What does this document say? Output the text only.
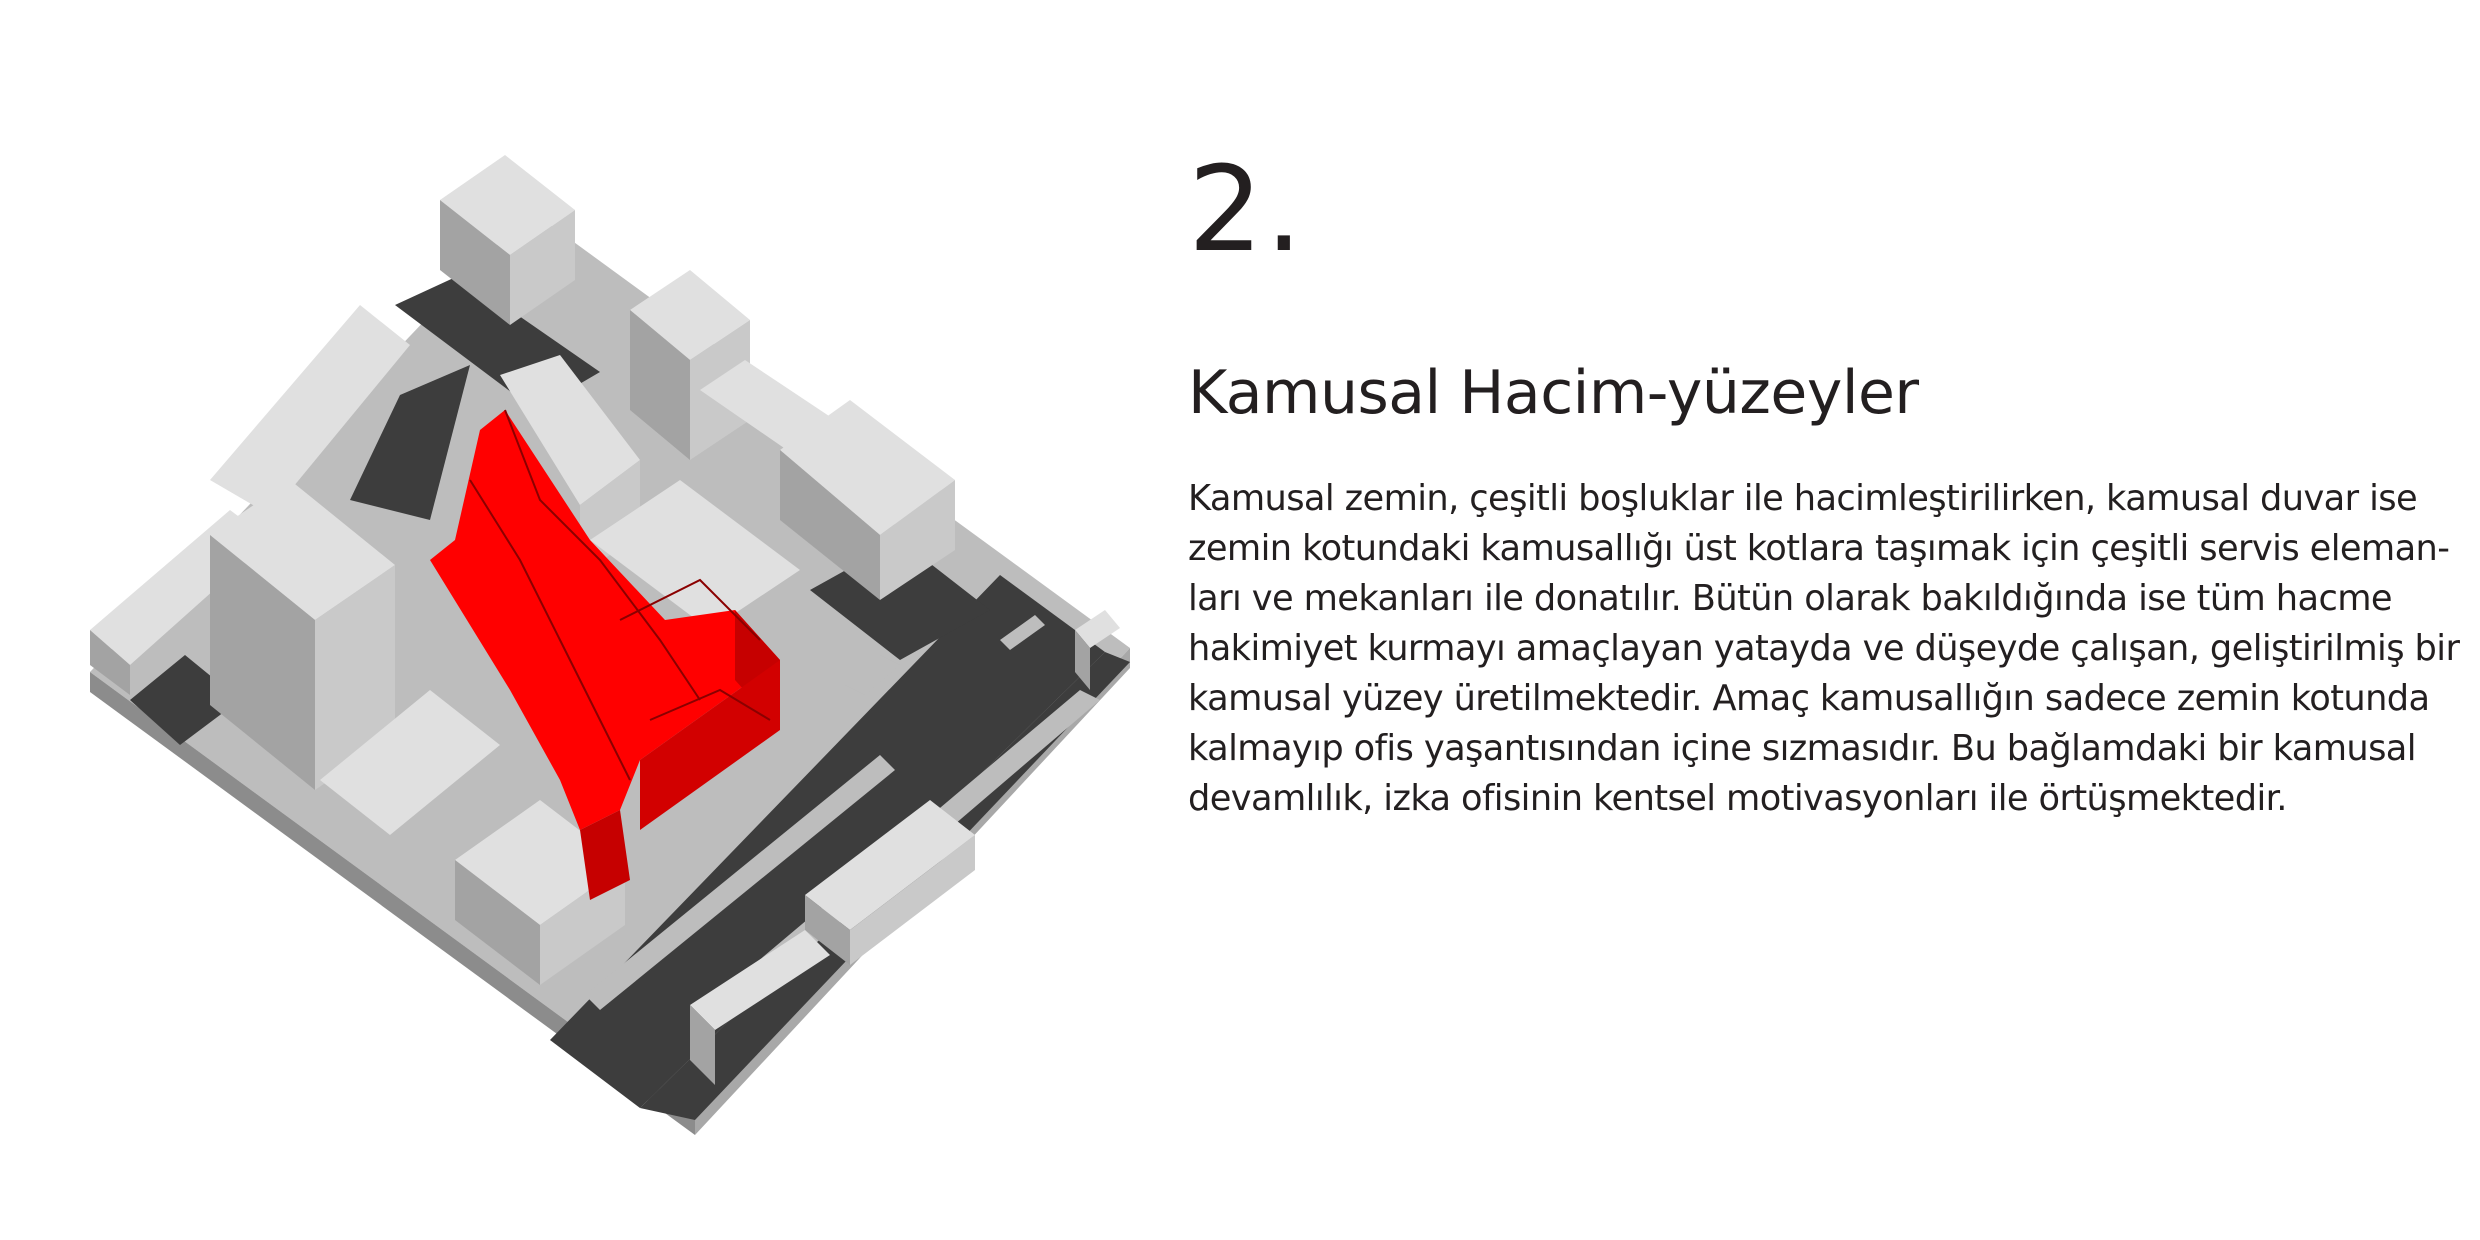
2.
Kamusal Hacim-yüzeyler

Kamusal zemin, çeşitli boşluklar ile hacimleştirilirken, kamusal duvar ise
zemin kotundaki kamusallığı üst kotlara taşımak için çeşitli servis eleman-
ları ve mekanları ile donatılır. Bütün olarak bakıldığında ise tüm hacme
hakimiyet kurmayı amaçlayan yatayda ve düşeyde çalışan, geliştirilmiş bir
kamusal yüzey üretilmektedir. Amaç kamusallığın sadece zemin kotunda
kalmayıp ofis yaşantısından içine sızmasıdır. Bu bağlamdaki bir kamusal
devamlılık, izka ofisinin kentsel motivasyonları ile örtüşmektedir.
